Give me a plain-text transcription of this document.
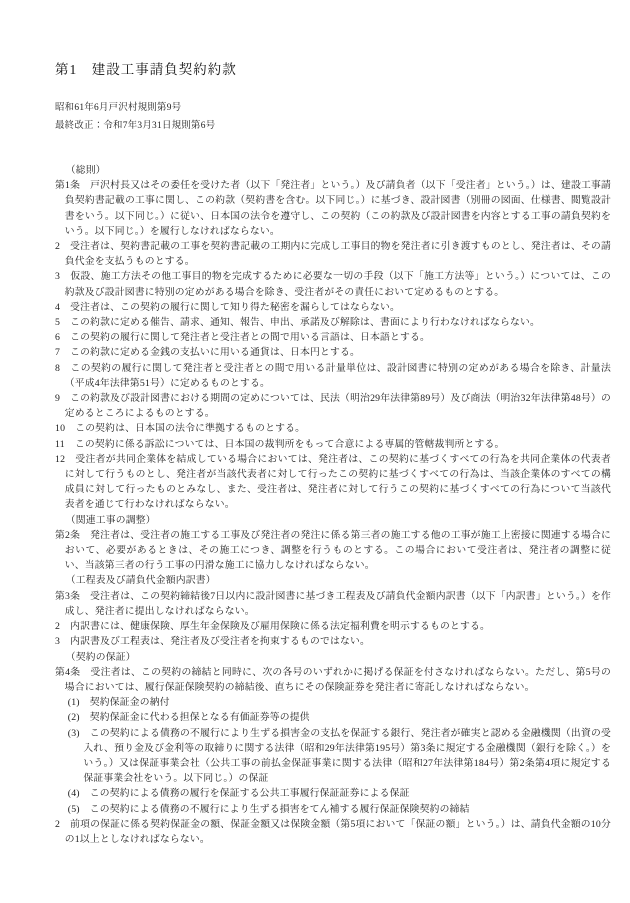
第1　建設工事請負契約約款
昭和61年6月戸沢村規則第9号
最終改正：令和7年3月31日規則第6号
（総則）
第1条　戸沢村長又はその委任を受けた者（以下「発注者」という。）及び請負者（以下「受注者」という。）は、建設工事請負契約書記載の工事に関し、この約款（契約書を含む。以下同じ。）に基づき、設計図書（別冊の図面、仕様書、閲覧設計書をいう。以下同じ。）に従い、日本国の法令を遵守し、この契約（この約款及び設計図書を内容とする工事の請負契約をいう。以下同じ。）を履行しなければならない。
2　受注者は、契約書記載の工事を契約書記載の工期内に完成し工事目的物を発注者に引き渡すものとし、発注者は、その請負代金を支払うものとする。
3　仮設、施工方法その他工事目的物を完成するために必要な一切の手段（以下「施工方法等」という。）については、この約款及び設計図書に特別の定めがある場合を除き、受注者がその責任において定めるものとする。
4　受注者は、この契約の履行に関して知り得た秘密を漏らしてはならない。
5　この約款に定める催告、請求、通知、報告、申出、承諾及び解除は、書面により行わなければならない。
6　この契約の履行に関して発注者と受注者との間で用いる言語は、日本語とする。
7　この約款に定める金銭の支払いに用いる通貨は、日本円とする。
8　この契約の履行に関して発注者と受注者との間で用いる計量単位は、設計図書に特別の定めがある場合を除き、計量法（平成4年法律第51号）に定めるものとする。
9　この約款及び設計図書における期間の定めについては、民法（明治29年法律第89号）及び商法（明治32年法律第48号）の定めるところによるものとする。
10　この契約は、日本国の法令に準拠するものとする。
11　この契約に係る訴訟については、日本国の裁判所をもって合意による専属的管轄裁判所とする。
12　受注者が共同企業体を結成している場合においては、発注者は、この契約に基づくすべての行為を共同企業体の代表者に対して行うものとし、発注者が当該代表者に対して行ったこの契約に基づくすべての行為は、当該企業体のすべての構成員に対して行ったものとみなし、また、受注者は、発注者に対して行うこの契約に基づくすべての行為について当該代表者を通じて行わなければならない。
（関連工事の調整）
第2条　発注者は、受注者の施工する工事及び発注者の発注に係る第三者の施工する他の工事が施工上密接に関連する場合において、必要があるときは、その施工につき、調整を行うものとする。この場合において受注者は、発注者の調整に従い、当該第三者の行う工事の円滑な施工に協力しなければならない。
（工程表及び請負代金額内訳書）
第3条　受注者は、この契約締結後7日以内に設計図書に基づき工程表及び請負代金額内訳書（以下「内訳書」という。）を作成し、発注者に提出しなければならない。
2　内訳書には、健康保険、厚生年金保険及び雇用保険に係る法定福利費を明示するものとする。
3　内訳書及び工程表は、発注者及び受注者を拘束するものではない。
（契約の保証）
第4条　受注者は、この契約の締結と同時に、次の各号のいずれかに掲げる保証を付さなければならない。ただし、第5号の場合においては、履行保証保険契約の締結後、直ちにその保険証券を発注者に寄託しなければならない。
(1)　契約保証金の納付
(2)　契約保証金に代わる担保となる有価証券等の提供
(3)　この契約による債務の不履行により生ずる損害金の支払を保証する銀行、発注者が確実と認める金融機関（出資の受入れ、預り金及び金利等の取締りに関する法律（昭和29年法律第195号）第3条に規定する金融機関（銀行を除く。）をいう。）又は保証事業会社（公共工事の前払金保証事業に関する法律（昭和27年法律第184号）第2条第4項に規定する保証事業会社をいう。以下同じ。）の保証
(4)　この契約による債務の履行を保証する公共工事履行保証証券による保証
(5)　この契約による債務の不履行により生ずる損害をてん補する履行保証保険契約の締結
2　前項の保証に係る契約保証金の額、保証金額又は保険金額（第5項において「保証の額」という。）は、請負代金額の10分の1以上としなければならない。
